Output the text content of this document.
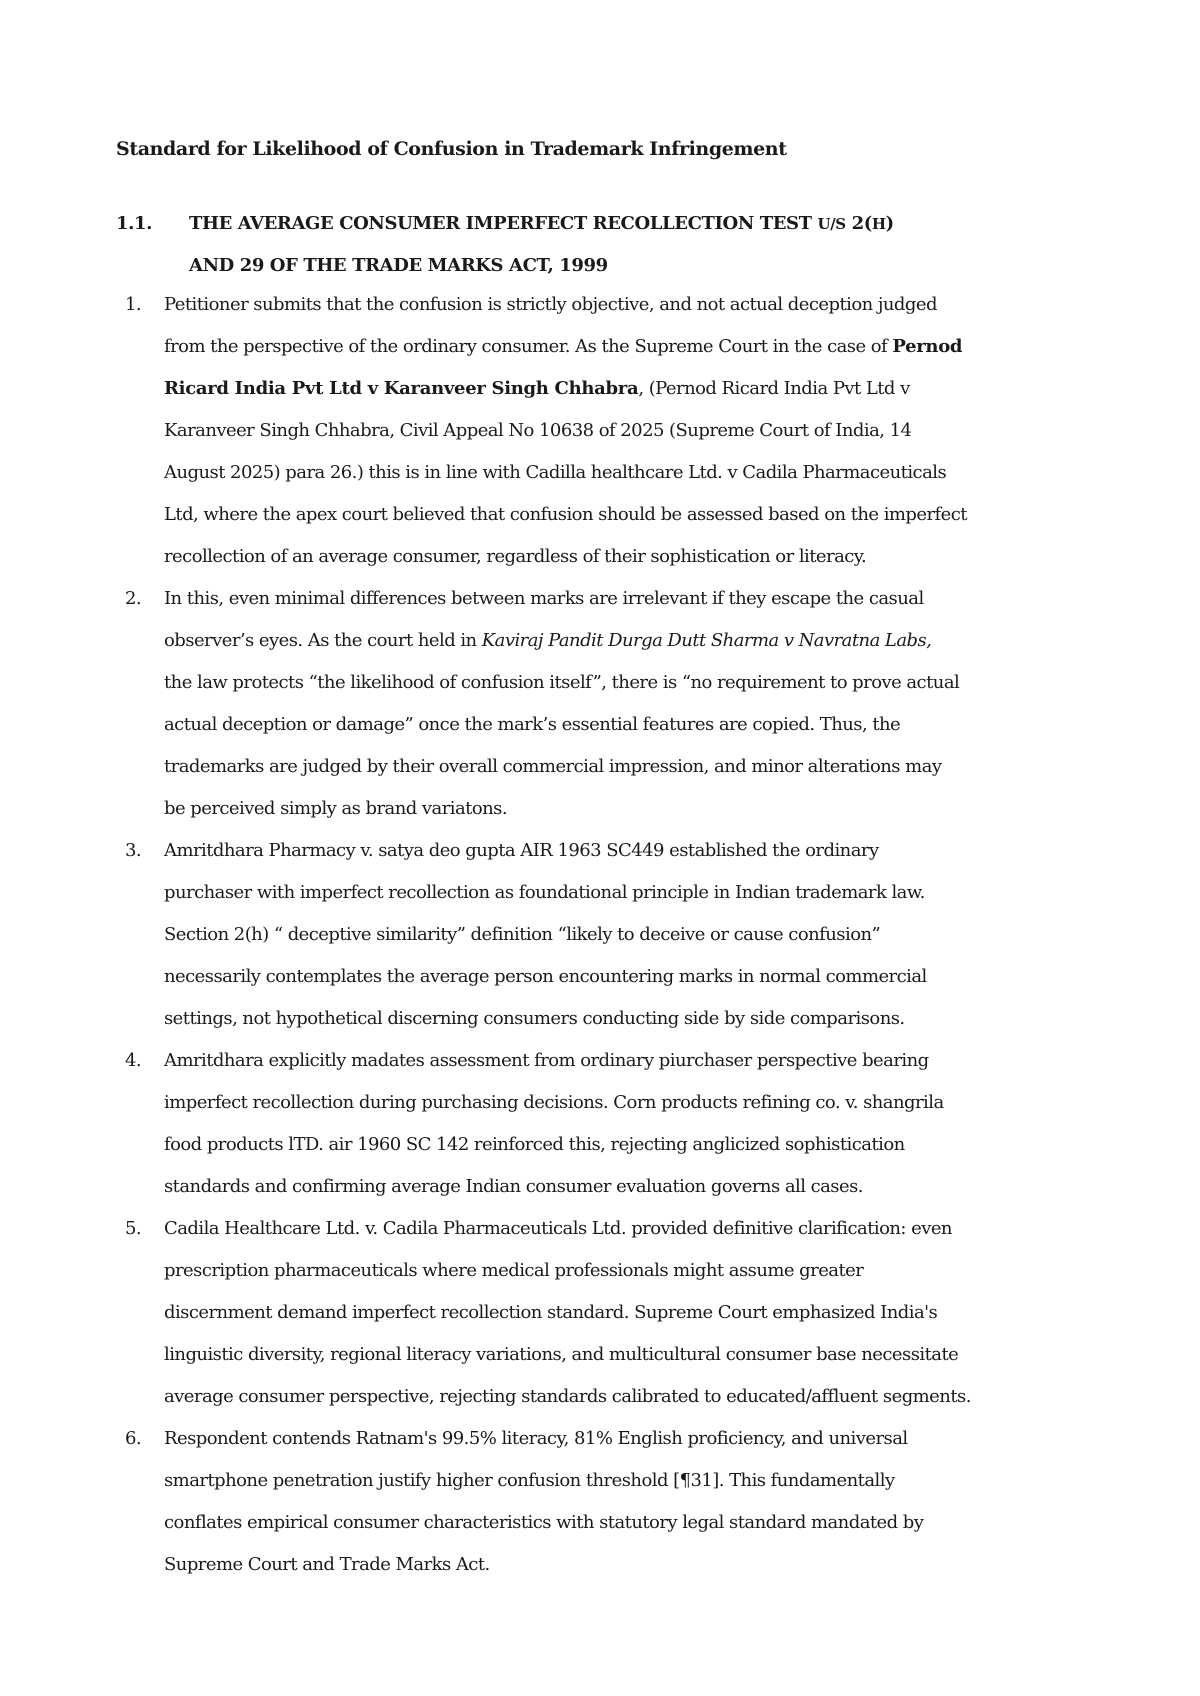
Standard for Likelihood of Confusion in Trademark Infringement
1.1. THE AVERAGE CONSUMER IMPERFECT RECOLLECTION TEST U/S 2(H)
AND 29 OF THE TRADE MARKS ACT, 1999
1. Petitioner submits that the confusion is strictly objective, and not actual deception judged
from the perspective of the ordinary consumer. As the Supreme Court in the case of Pernod
Ricard India Pvt Ltd v Karanveer Singh Chhabra, (Pernod Ricard India Pvt Ltd v
Karanveer Singh Chhabra, Civil Appeal No 10638 of 2025 (Supreme Court of India, 14
August 2025) para 26.) this is in line with Cadilla healthcare Ltd. v Cadila Pharmaceuticals
Ltd, where the apex court believed that confusion should be assessed based on the imperfect
recollection of an average consumer, regardless of their sophistication or literacy.
2. In this, even minimal differences between marks are irrelevant if they escape the casual
observer’s eyes. As the court held in Kaviraj Pandit Durga Dutt Sharma v Navratna Labs,
the law protects “the likelihood of confusion itself”, there is “no requirement to prove actual
actual deception or damage” once the mark’s essential features are copied. Thus, the
trademarks are judged by their overall commercial impression, and minor alterations may
be perceived simply as brand variatons.
3. Amritdhara Pharmacy v. satya deo gupta AIR 1963 SC449 established the ordinary
purchaser with imperfect recollection as foundational principle in Indian trademark law.
Section 2(h) “ deceptive similarity” definition “likely to deceive or cause confusion”
necessarily contemplates the average person encountering marks in normal commercial
settings, not hypothetical discerning consumers conducting side by side comparisons.
4. Amritdhara explicitly madates assessment from ordinary piurchaser perspective bearing
imperfect recollection during purchasing decisions. Corn products refining co. v. shangrila
food products lTD. air 1960 SC 142 reinforced this, rejecting anglicized sophistication
standards and confirming average Indian consumer evaluation governs all cases.
5. Cadila Healthcare Ltd. v. Cadila Pharmaceuticals Ltd. provided definitive clarification: even
prescription pharmaceuticals where medical professionals might assume greater
discernment demand imperfect recollection standard. Supreme Court emphasized India's
linguistic diversity, regional literacy variations, and multicultural consumer base necessitate
average consumer perspective, rejecting standards calibrated to educated/affluent segments.
6. Respondent contends Ratnam's 99.5% literacy, 81% English proficiency, and universal
smartphone penetration justify higher confusion threshold [¶31]. This fundamentally
conflates empirical consumer characteristics with statutory legal standard mandated by
Supreme Court and Trade Marks Act.
